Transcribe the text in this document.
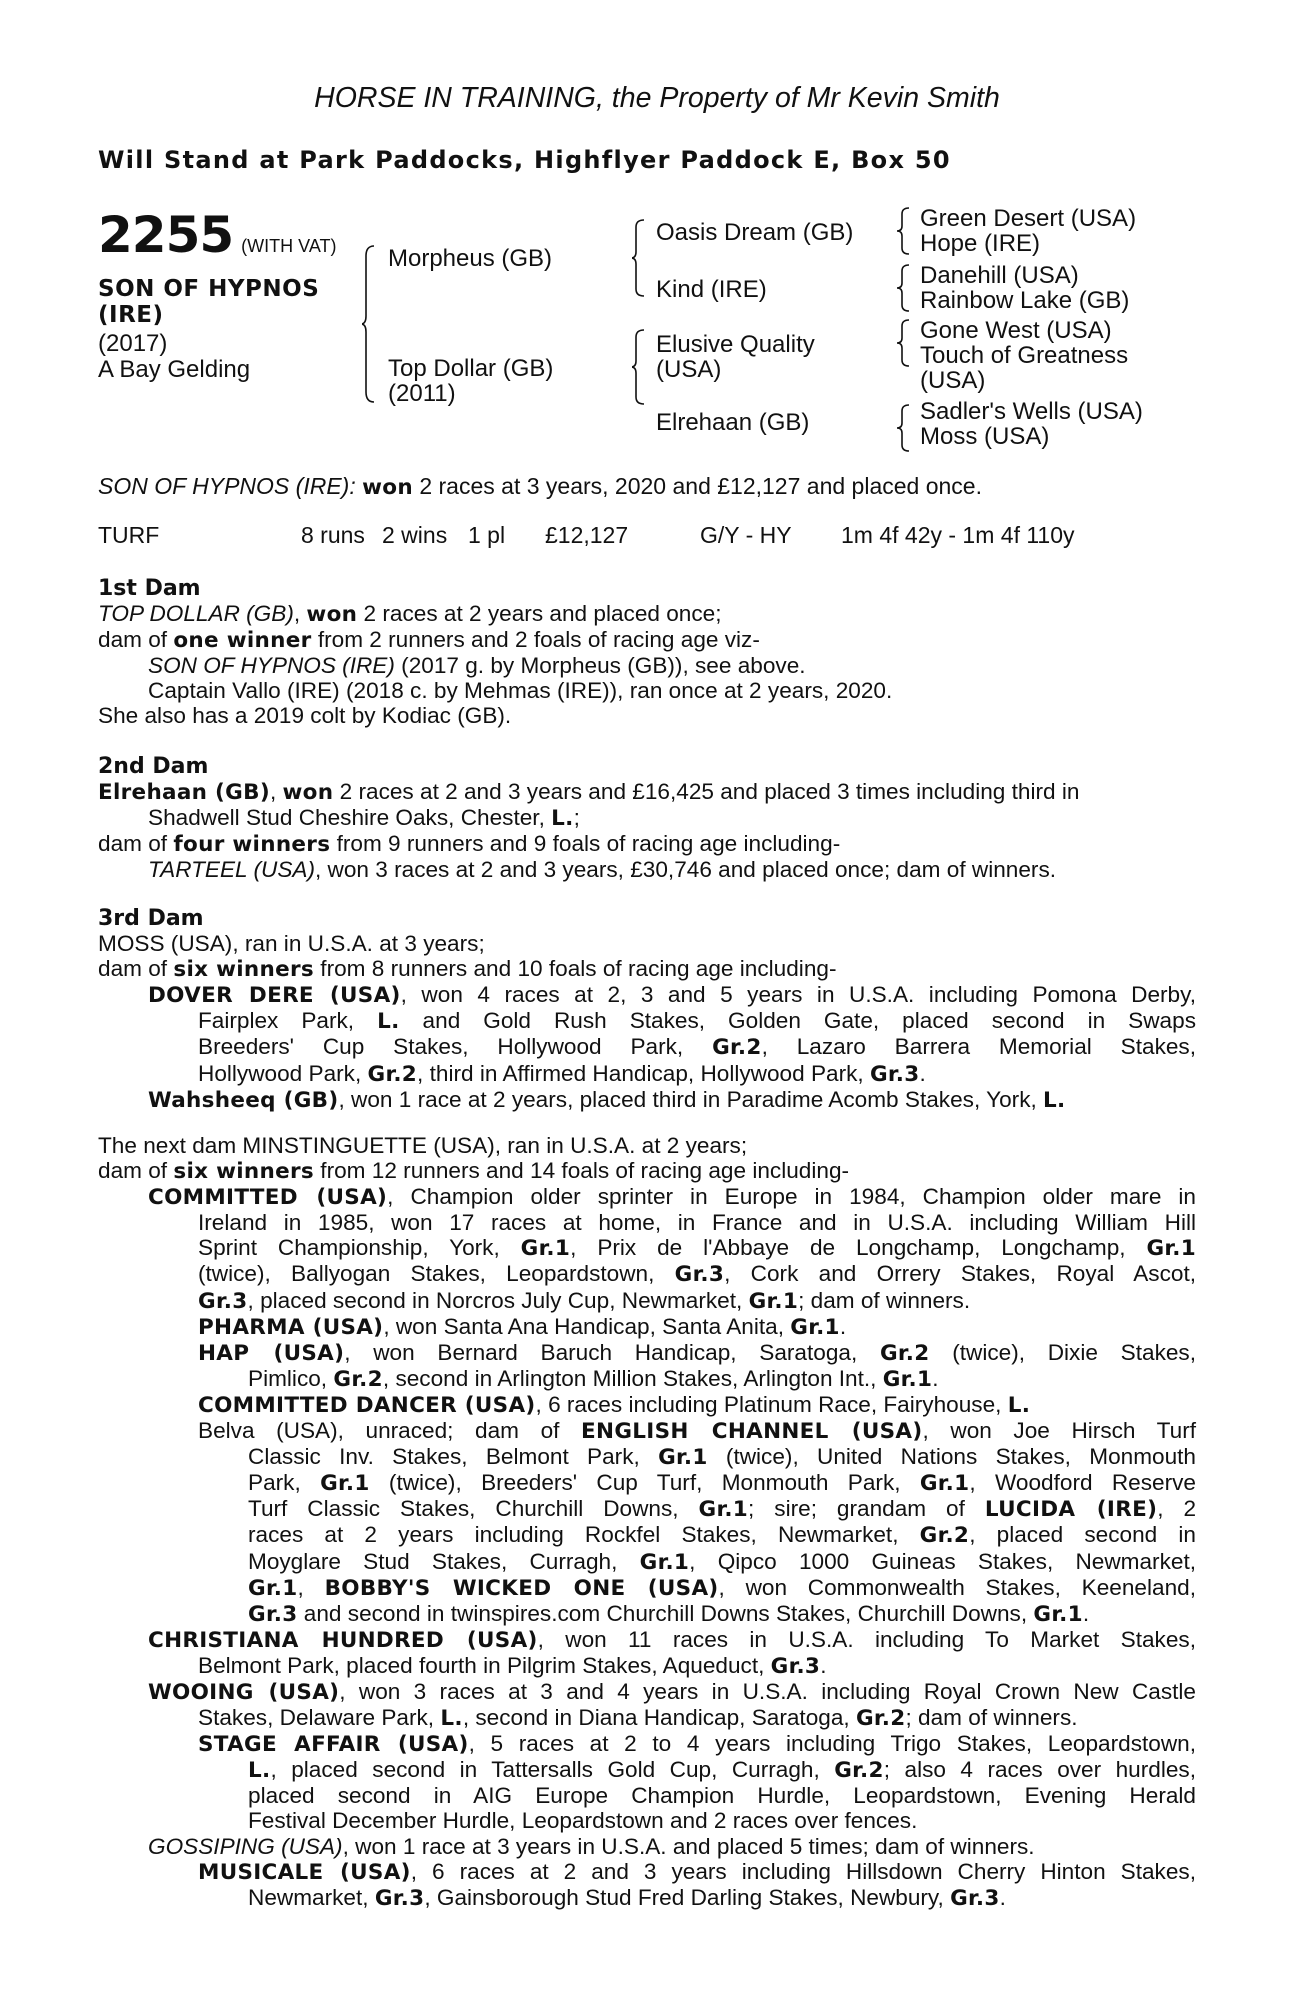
HORSE IN TRAINING, the Property of Mr Kevin Smith
Will Stand at Park Paddocks, Highflyer Paddock E, Box 50
2255 (WITH VAT)
SON OF HYPNOS
(IRE)
(2017)
A Bay Gelding
Morpheus (GB)
Top Dollar (GB)
(2011)
Oasis Dream (GB)
Kind (IRE)
Elusive Quality
(USA)
Elrehaan (GB)
Green Desert (USA)
Hope (IRE)
Danehill (USA)
Rainbow Lake (GB)
Gone West (USA)
Touch of Greatness
(USA)
Sadler's Wells (USA)
Moss (USA)
SON OF HYPNOS (IRE): won 2 races at 3 years, 2020 and £12,127 and placed once.
TURF	8 runs 2 wins 1 pl £12,127	G/Y - HY 1m 4f 42y - 1m 4f 110y
1st Dam
TOP DOLLAR (GB), won 2 races at 2 years and placed once;
dam of one winner from 2 runners and 2 foals of racing age viz-
SON OF HYPNOS (IRE) (2017 g. by Morpheus (GB)), see above.
Captain Vallo (IRE) (2018 c. by Mehmas (IRE)), ran once at 2 years, 2020.
She also has a 2019 colt by Kodiac (GB).
2nd Dam
Elrehaan (GB), won 2 races at 2 and 3 years and £16,425 and placed 3 times including third in
Shadwell Stud Cheshire Oaks, Chester, L.;
dam of four winners from 9 runners and 9 foals of racing age including-
TARTEEL (USA), won 3 races at 2 and 3 years, £30,746 and placed once; dam of winners.
3rd Dam
MOSS (USA), ran in U.S.A. at 3 years;
dam of six winners from 8 runners and 10 foals of racing age including-
DOVER DERE (USA), won 4 races at 2, 3 and 5 years in U.S.A. including Pomona Derby,
Fairplex Park, L. and Gold Rush Stakes, Golden Gate, placed second in Swaps
Breeders' Cup Stakes, Hollywood Park, Gr.2, Lazaro Barrera Memorial Stakes,
Hollywood Park, Gr.2, third in Affirmed Handicap, Hollywood Park, Gr.3.
Wahsheeq (GB), won 1 race at 2 years, placed third in Paradime Acomb Stakes, York, L.
The next dam MINSTINGUETTE (USA), ran in U.S.A. at 2 years;
dam of six winners from 12 runners and 14 foals of racing age including-
COMMITTED (USA), Champion older sprinter in Europe in 1984, Champion older mare in
Ireland in 1985, won 17 races at home, in France and in U.S.A. including William Hill
Sprint Championship, York, Gr.1, Prix de l'Abbaye de Longchamp, Longchamp, Gr.1
(twice), Ballyogan Stakes, Leopardstown, Gr.3, Cork and Orrery Stakes, Royal Ascot,
Gr.3, placed second in Norcros July Cup, Newmarket, Gr.1; dam of winners.
PHARMA (USA), won Santa Ana Handicap, Santa Anita, Gr.1.
HAP (USA), won Bernard Baruch Handicap, Saratoga, Gr.2 (twice), Dixie Stakes,
Pimlico, Gr.2, second in Arlington Million Stakes, Arlington Int., Gr.1.
COMMITTED DANCER (USA), 6 races including Platinum Race, Fairyhouse, L.
Belva (USA), unraced; dam of ENGLISH CHANNEL (USA), won Joe Hirsch Turf
Classic Inv. Stakes, Belmont Park, Gr.1 (twice), United Nations Stakes, Monmouth
Park, Gr.1 (twice), Breeders' Cup Turf, Monmouth Park, Gr.1, Woodford Reserve
Turf Classic Stakes, Churchill Downs, Gr.1; sire; grandam of LUCIDA (IRE), 2
races at 2 years including Rockfel Stakes, Newmarket, Gr.2, placed second in
Moyglare Stud Stakes, Curragh, Gr.1, Qipco 1000 Guineas Stakes, Newmarket,
Gr.1, BOBBY'S WICKED ONE (USA), won Commonwealth Stakes, Keeneland,
Gr.3 and second in twinspires.com Churchill Downs Stakes, Churchill Downs, Gr.1.
CHRISTIANA HUNDRED (USA), won 11 races in U.S.A. including To Market Stakes,
Belmont Park, placed fourth in Pilgrim Stakes, Aqueduct, Gr.3.
WOOING (USA), won 3 races at 3 and 4 years in U.S.A. including Royal Crown New Castle
Stakes, Delaware Park, L., second in Diana Handicap, Saratoga, Gr.2; dam of winners.
STAGE AFFAIR (USA), 5 races at 2 to 4 years including Trigo Stakes, Leopardstown,
L., placed second in Tattersalls Gold Cup, Curragh, Gr.2; also 4 races over hurdles,
placed second in AIG Europe Champion Hurdle, Leopardstown, Evening Herald
Festival December Hurdle, Leopardstown and 2 races over fences.
GOSSIPING (USA), won 1 race at 3 years in U.S.A. and placed 5 times; dam of winners.
MUSICALE (USA), 6 races at 2 and 3 years including Hillsdown Cherry Hinton Stakes,
Newmarket, Gr.3, Gainsborough Stud Fred Darling Stakes, Newbury, Gr.3.
